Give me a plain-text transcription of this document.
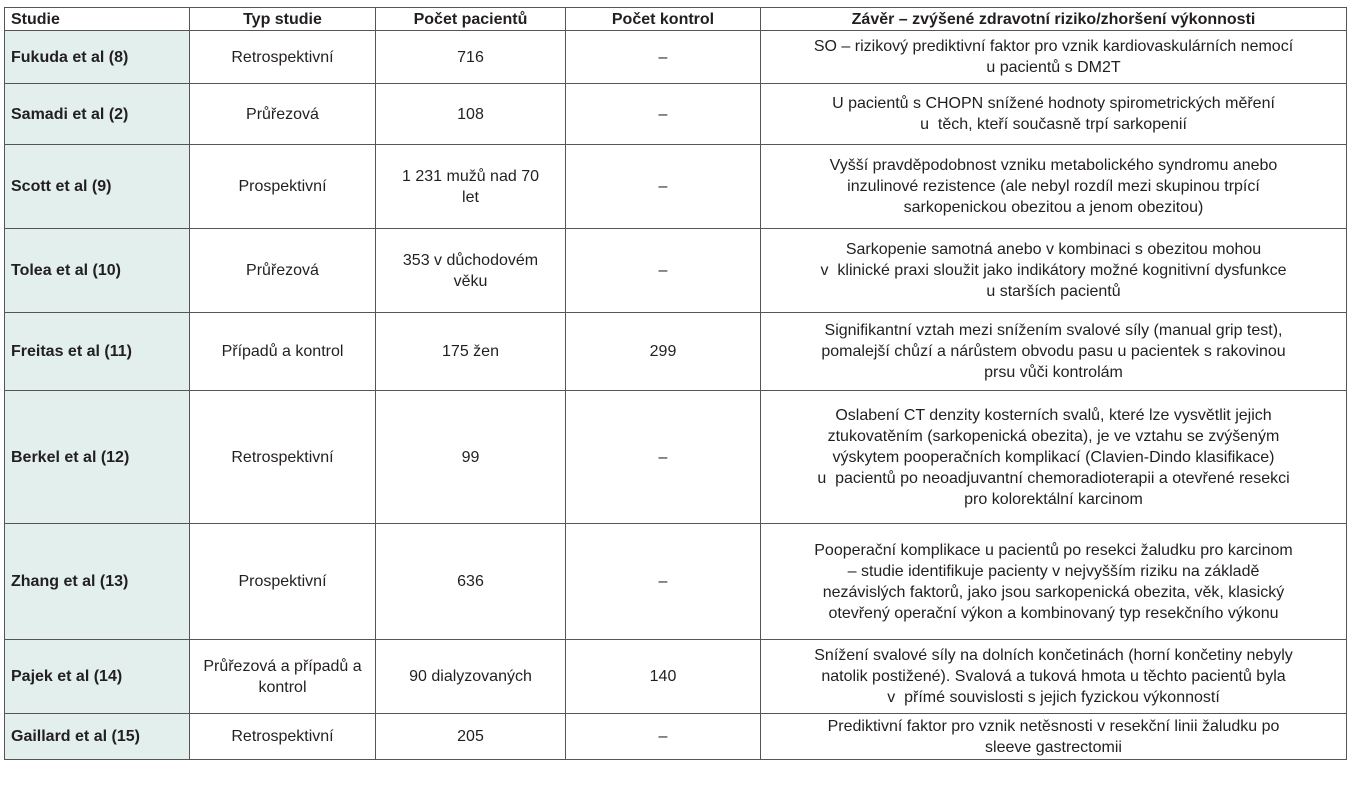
Studie	Typ studie	Počet pacientů	Počet kontrol	Závěr – zvýšené zdravotní riziko/zhoršení výkonnosti
Fukuda et al (8)	Retrospektivní	716	–	SO – rizikový prediktivní faktor pro vznik kardiovaskulárních nemocí
u pacientů s DM2T

Samadi et al (2)	Průřezová	108	–	U pacientů s CHOPN snížené hodnoty spirometrických měření
u  těch, kteří současně trpí sarkopenií

Scott et al (9)	Prospektivní	1 231 mužů nad 70 let	–	Vyšší pravděpodobnost vzniku metabolického syndromu anebo
inzulinové rezistence (ale nebyl rozdíl mezi skupinou trpící
sarkopenickou obezitou a jenom obezitou)

Tolea et al (10)	Průřezová	353 v důchodovém věku	–	Sarkopenie samotná anebo v kombinaci s obezitou mohou
v  klinické praxi sloužit jako indikátory možné kognitivní dysfunkce
u starších pacientů

Freitas et al (11)	Případů a kontrol	175 žen	299	Signifikantní vztah mezi snížením svalové síly (manual grip test),
pomalejší chůzí a nárůstem obvodu pasu u pacientek s rakovinou
prsu vůči kontrolám

Berkel et al (12)	Retrospektivní	99	–	Oslabení CT denzity kosterních svalů, které lze vysvětlit jejich
ztukovatěním (sarkopenická obezita), je ve vztahu se zvýšeným
výskytem pooperačních komplikací (Clavien-Dindo klasifikace)
u  pacientů po neoadjuvantní chemoradioterapii a otevřené resekci
pro kolorektální karcinom

Zhang et al (13)	Prospektivní	636	–	Pooperační komplikace u pacientů po resekci žaludku pro karcinom
– studie identifikuje pacienty v nejvyšším riziku na základě
nezávislých faktorů, jako jsou sarkopenická obezita, věk, klasický
otevřený operační výkon a kombinovaný typ resekčního výkonu

Pajek et al (14)	Průřezová a případů a kontrol	90 dialyzovaných	140	Snížení svalové síly na dolních končetinách (horní končetiny nebyly
natolik postižené). Svalová a tuková hmota u těchto pacientů byla
v  přímé souvislosti s jejich fyzickou výkonností

Gaillard et al (15)	Retrospektivní	205	–	Prediktivní faktor pro vznik netěsnosti v resekční linii žaludku po
sleeve gastrectomii
